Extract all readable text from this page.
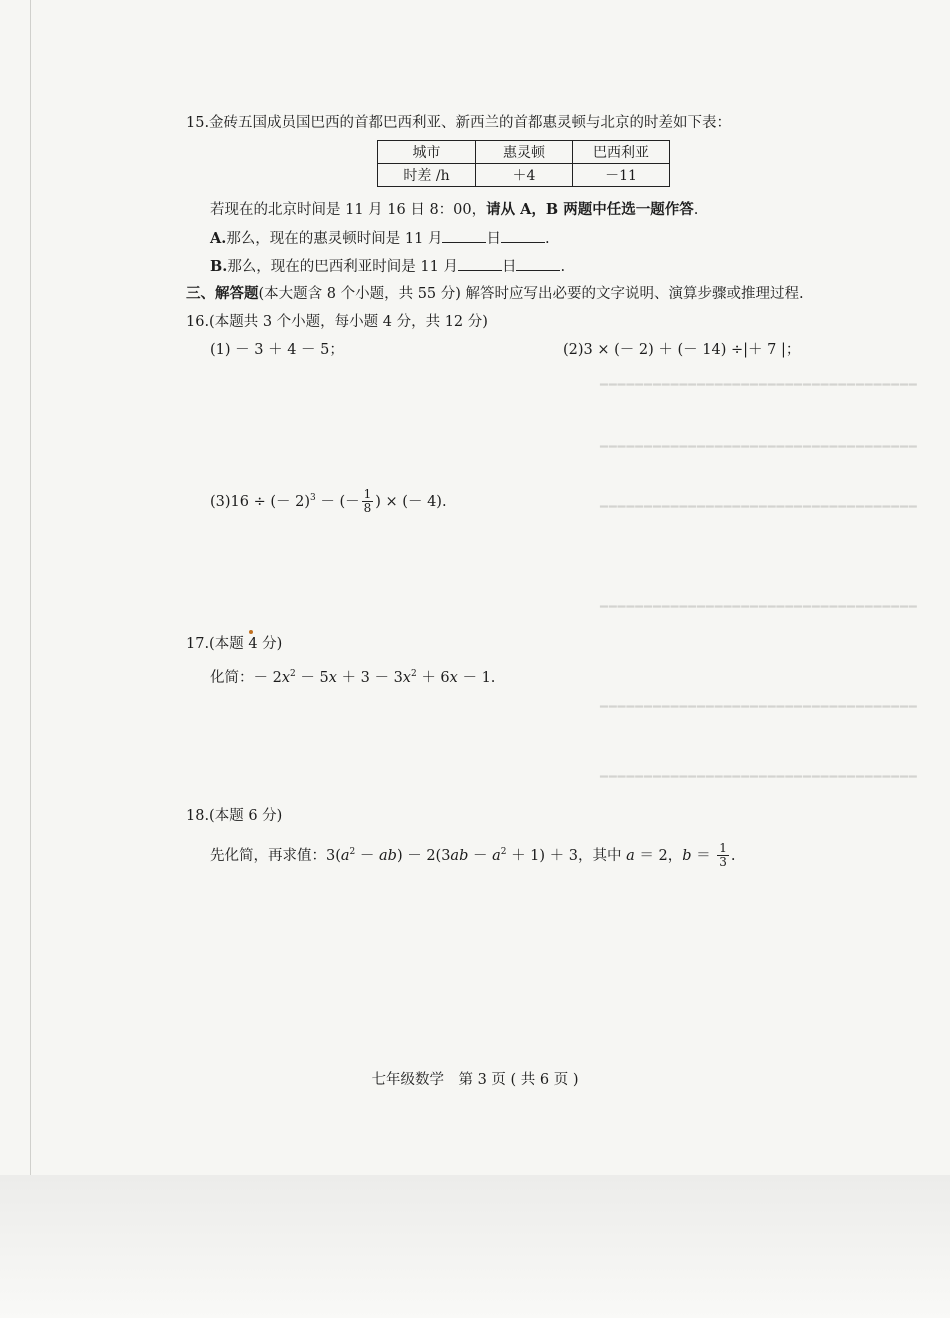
━━━━━━━━━━━━━━━━━━━━━━━━━━━━━━━━━━━━
━━━━━━━━━━━━━━━━━━━━━━━━━━━━━━━━━━━━
━━━━━━━━━━━━━━━━━━━━━━━━━━━━━━━━━━━━
━━━━━━━━━━━━━━━━━━━━━━━━━━━━━━━━━━━━
━━━━━━━━━━━━━━━━━━━━━━━━━━━━━━━━━━━━
━━━━━━━━━━━━━━━━━━━━━━━━━━━━━━━━━━━━
15.金砖五国成员国巴西的首都巴西利亚、新西兰的首都惠灵顿与北京的时差如下表：
城市	惠灵顿	巴西利亚
时差 /h	＋4	－11
若现在的北京时间是 11 月 16 日 8：00，请从 A，B 两题中任选一题作答.
A.那么，现在的惠灵顿时间是 11 月	日	.
B.那么，现在的巴西利亚时间是 11 月	日	.
三、解答题(本大题含 8 个小题，共 55 分) 解答时应写出必要的文字说明、演算步骤或推理过程.
16.(本题共 3 个小题，每小题 4 分，共 12 分)
(1) － 3 ＋ 4 － 5；	(2)3 × (－ 2) ＋ (－ 14) ÷|＋ 7 |；
(3)16 ÷ (－ 2)$^3$ － (－ $\frac{1}{8}$ ) × (－ 4).
17.(本题 4 分)
化简：－ $2x^2 - 5x + 3 - 3x^2 + 6x - 1$.
18.(本题 6 分)
先化简，再求值：$3(a^2 - ab) - 2(3ab - a^2 + 1) + 3$，其中 a ＝ 2，$b = \frac{1}{3}$ .
七年级数学　第 3 页 ( 共 6 页 )
